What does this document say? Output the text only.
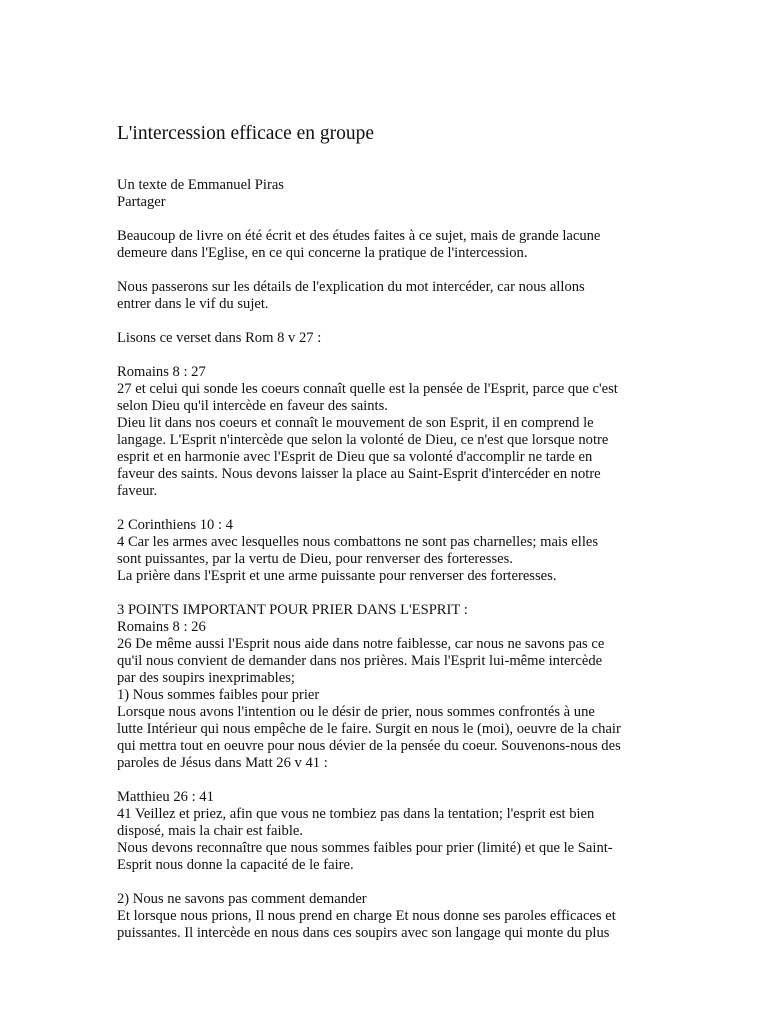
L'intercession efficace en groupe

Un texte de Emmanuel Piras
Partager

Beaucoup de livre on été écrit et des études faites à ce sujet, mais de grande lacune
demeure dans l'Eglise, en ce qui concerne la pratique de l'intercession.

Nous passerons sur les détails de l'explication du mot intercéder, car nous allons
entrer dans le vif du sujet.

Lisons ce verset dans Rom 8 v 27 :

Romains 8 : 27
27 et celui qui sonde les coeurs connaît quelle est la pensée de l'Esprit, parce que c'est
selon Dieu qu'il intercède en faveur des saints.
Dieu lit dans nos coeurs et connaît le mouvement de son Esprit, il en comprend le
langage. L'Esprit n'intercède que selon la volonté de Dieu, ce n'est que lorsque notre
esprit et en harmonie avec l'Esprit de Dieu que sa volonté d'accomplir ne tarde en
faveur des saints. Nous devons laisser la place au Saint-Esprit d'intercéder en notre
faveur.

2 Corinthiens 10 : 4
4 Car les armes avec lesquelles nous combattons ne sont pas charnelles; mais elles
sont puissantes, par la vertu de Dieu, pour renverser des forteresses.
La prière dans l'Esprit et une arme puissante pour renverser des forteresses.

3 POINTS IMPORTANT POUR PRIER DANS L'ESPRIT :
Romains 8 : 26
26 De même aussi l'Esprit nous aide dans notre faiblesse, car nous ne savons pas ce
qu'il nous convient de demander dans nos prières. Mais l'Esprit lui-même intercède
par des soupirs inexprimables;
1) Nous sommes faibles pour prier
Lorsque nous avons l'intention ou le désir de prier, nous sommes confrontés à une
lutte Intérieur qui nous empêche de le faire. Surgit en nous le (moi), oeuvre de la chair
qui mettra tout en oeuvre pour nous dévier de la pensée du coeur. Souvenons-nous des
paroles de Jésus dans Matt 26 v 41 :

Matthieu 26 : 41
41 Veillez et priez, afin que vous ne tombiez pas dans la tentation; l'esprit est bien
disposé, mais la chair est faible.
Nous devons reconnaître que nous sommes faibles pour prier (limité) et que le Saint-
Esprit nous donne la capacité de le faire.

2) Nous ne savons pas comment demander
Et lorsque nous prions, Il nous prend en charge Et nous donne ses paroles efficaces et
puissantes. Il intercède en nous dans ces soupirs avec son langage qui monte du plus
